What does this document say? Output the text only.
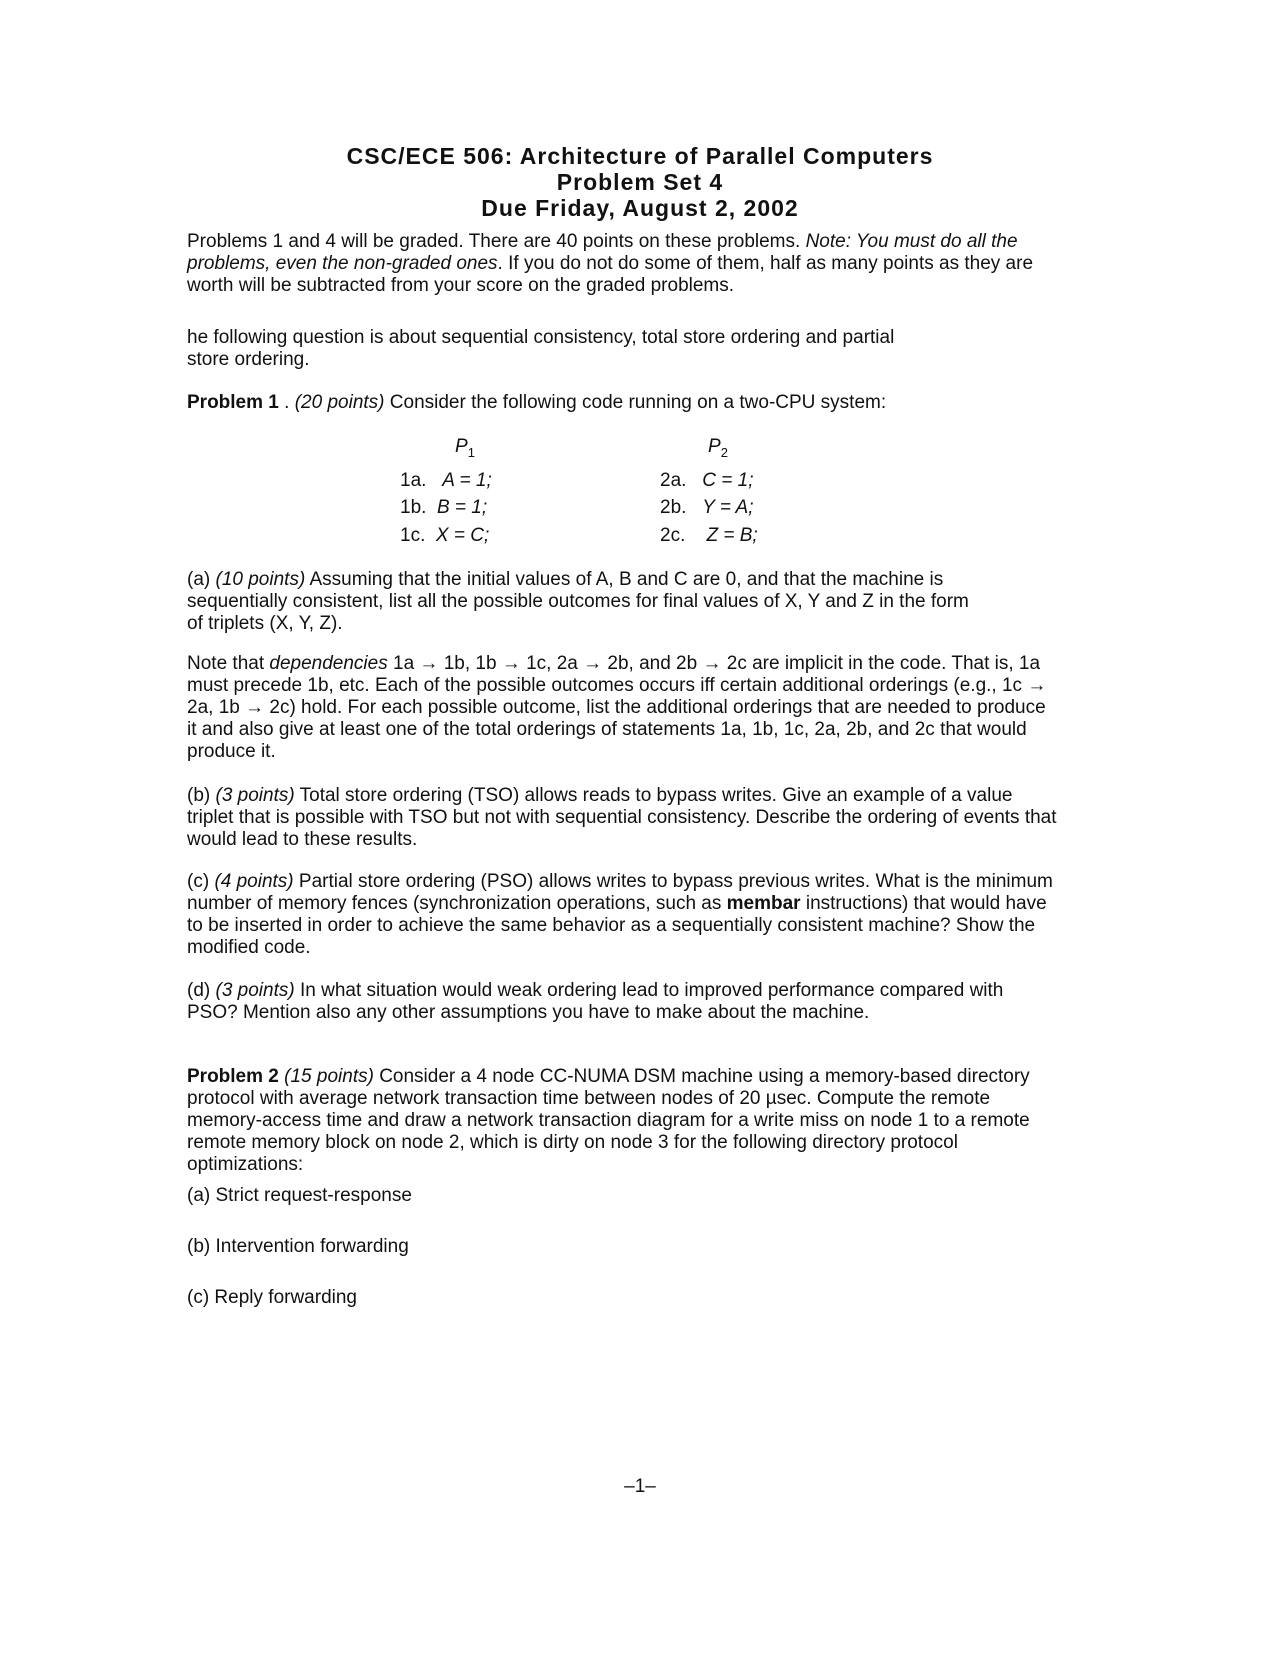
CSC/ECE 506: Architecture of Parallel Computers
Problem Set 4
Due Friday, August 2, 2002

Problems 1 and 4 will be graded. There are 40 points on these problems. Note: You must do all the problems, even the non-graded ones. If you do not do some of them, half as many points as they are worth will be subtracted from your score on the graded problems.

he following question is about sequential consistency, total store ordering and partial store ordering.

Problem 1 . (20 points) Consider the following code running on a two-CPU system:

$P_1$	$P_2$
1a. A = 1;
1b. B = 1;
1c. X = C;
2a. C = 1;
2b. Y = A;
2c. Z = B;

(a) (10 points) Assuming that the initial values of A, B and C are 0, and that the machine is sequentially consistent, list all the possible outcomes for final values of X, Y and Z in the form of triplets (X, Y, Z).

Note that dependencies 1a → 1b, 1b → 1c, 2a → 2b, and 2b → 2c are implicit in the code. That is, 1a must precede 1b, etc. Each of the possible outcomes occurs iff certain additional orderings (e.g., 1c → 2a, 1b → 2c) hold. For each possible outcome, list the additional orderings that are needed to produce it and also give at least one of the total orderings of statements 1a, 1b, 1c, 2a, 2b, and 2c that would produce it.

(b) (3 points) Total store ordering (TSO) allows reads to bypass writes. Give an example of a value triplet that is possible with TSO but not with sequential consistency. Describe the ordering of events that would lead to these results.

(c) (4 points) Partial store ordering (PSO) allows writes to bypass previous writes. What is the minimum number of memory fences (synchronization operations, such as membar instructions) that would have to be inserted in order to achieve the same behavior as a sequentially consistent machine? Show the modified code.

(d) (3 points) In what situation would weak ordering lead to improved performance compared with PSO? Mention also any other assumptions you have to make about the machine.

Problem 2 (15 points) Consider a 4 node CC-NUMA DSM machine using a memory-based directory protocol with average network transaction time between nodes of 20 µsec. Compute the remote memory-access time and draw a network transaction diagram for a write miss on node 1 to a remote remote memory block on node 2, which is dirty on node 3 for the following directory protocol optimizations:

(a) Strict request-response
(b) Intervention forwarding
(c) Reply forwarding
–1–
